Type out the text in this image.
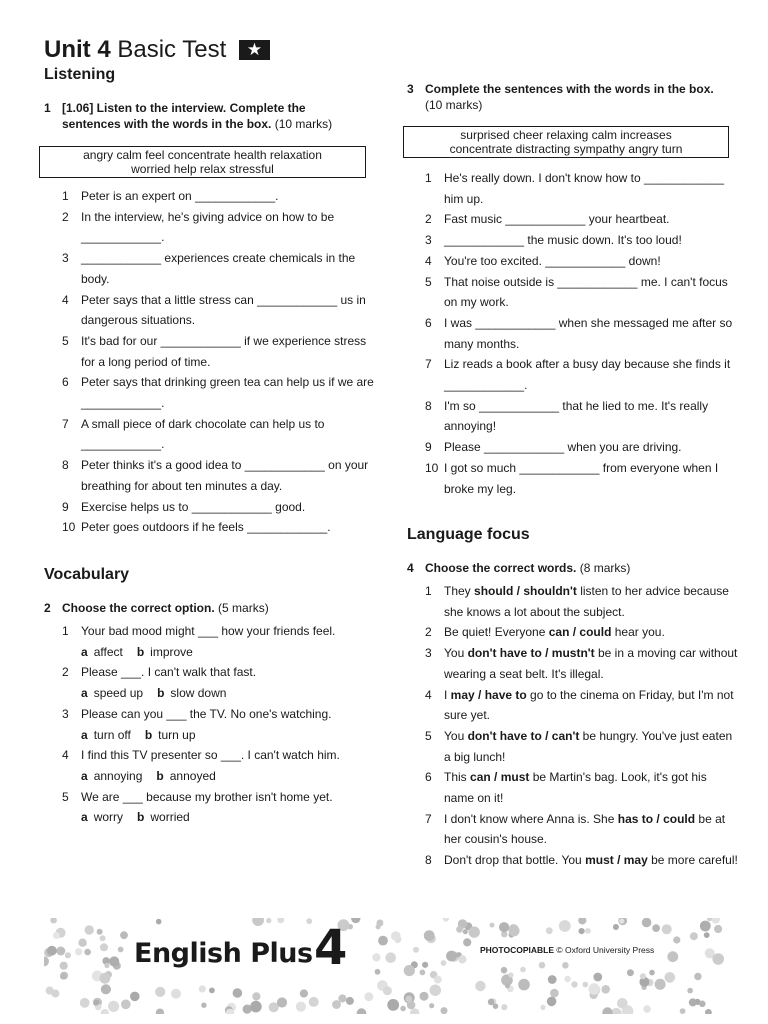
Unit 4 Basic Test ★
Listening
1 [1.06] Listen to the interview. Complete the sentences with the words in the box. (10 marks)
angry calm feel concentrate health relaxation
worried help relax stressful
1 Peter is an expert on ____________.
2 In the interview, he's giving advice on how to be ____________.
3 ____________ experiences create chemicals in the body.
4 Peter says that a little stress can ____________ us in dangerous situations.
5 It's bad for our ____________ if we experience stress for a long period of time.
6 Peter says that drinking green tea can help us if we are ____________.
7 A small piece of dark chocolate can help us to ____________.
8 Peter thinks it's a good idea to ____________ on your breathing for about ten minutes a day.
9 Exercise helps us to ____________ good.
10 Peter goes outdoors if he feels ____________.
Vocabulary
2 Choose the correct option. (5 marks)
1 Your bad mood might ___ how your friends feel.
a affect b improve
2 Please ___. I can't walk that fast.
a speed up b slow down
3 Please can you ___ the TV. No one's watching.
a turn off b turn up
4 I find this TV presenter so ___. I can't watch him.
a annoying b annoyed
5 We are ___ because my brother isn't home yet.
a worry b worried
3 Complete the sentences with the words in the box. (10 marks)
surprised cheer relaxing calm increases
concentrate distracting sympathy angry turn
1 He's really down. I don't know how to ____________ him up.
2 Fast music ____________ your heartbeat.
3 ____________ the music down. It's too loud!
4 You're too excited. ____________ down!
5 That noise outside is ____________ me. I can't focus on my work.
6 I was ____________ when she messaged me after so many months.
7 Liz reads a book after a busy day because she finds it ____________.
8 I'm so ____________ that he lied to me. It's really annoying!
9 Please ____________ when you are driving.
10 I got so much ____________ from everyone when I broke my leg.
Language focus
4 Choose the correct words. (8 marks)
1 They should / shouldn't listen to her advice because she knows a lot about the subject.
2 Be quiet! Everyone can / could hear you.
3 You don't have to / mustn't be in a moving car without wearing a seat belt. It's illegal.
4 I may / have to go to the cinema on Friday, but I'm not sure yet.
5 You don't have to / can't be hungry. You've just eaten a big lunch!
6 This can / must be Martin's bag. Look, it's got his name on it!
7 I don't know where Anna is. She has to / could be at her cousin's house.
8 Don't drop that bottle. You must / may be more careful!
English Plus 4	PHOTOCOPIABLE © Oxford University Press
